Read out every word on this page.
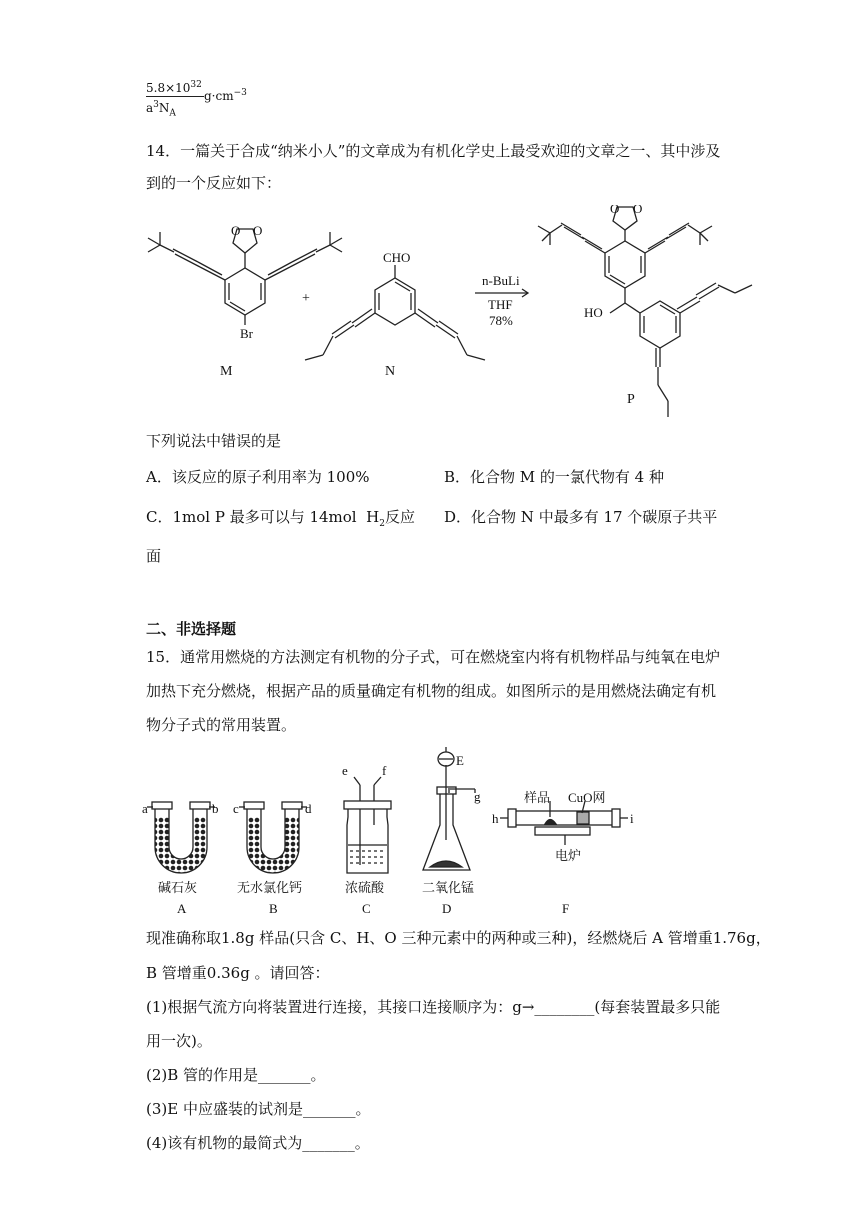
$\frac{5.8\times 10^{32}}{a^3N_A} g\cdot cm^{-3}$
14．一篇关于合成“纳米小人”的文章成为有机化学史上最受欢迎的文章之一、其中涉及
到的一个反应如下：
Br
O O
CHO
HO
O O
n-BuLi
THF
78%
+
M	N
P
下列说法中错误的是
A．该反应的原子利用率为 100%	B．化合物 M 的一氯代物有 4 种
C．1mol P 最多可以与 14mol $H_2$反应 D．化合物 N 中最多有 17 个碳原子共平
面
二、非选择题
15．通常用燃烧的方法测定有机物的分子式，可在燃烧室内将有机物样品与纯氧在电炉
加热下充分燃烧，根据产品的质量确定有机物的组成。如图所示的是用燃烧法确定有机
物分子式的常用装置。
a	b c	d
e	f
g
E
h	i
样品 CuO网
电炉
碱石灰	无水氯化钙	浓硫酸	二氧化锰
A	B	C	D	F
现准确称取1.8g 样品(只含 C、H、O 三种元素中的两种或三种)，经燃烧后 A 管增重1.76g，
B 管增重0.36g 。请回答：
(1)根据气流方向将装置进行连接，其接口连接顺序为：g→________(每套装置最多只能
用一次)。
(2)B 管的作用是_______。
(3)E 中应盛装的试剂是_______。
(4)该有机物的最简式为_______。
